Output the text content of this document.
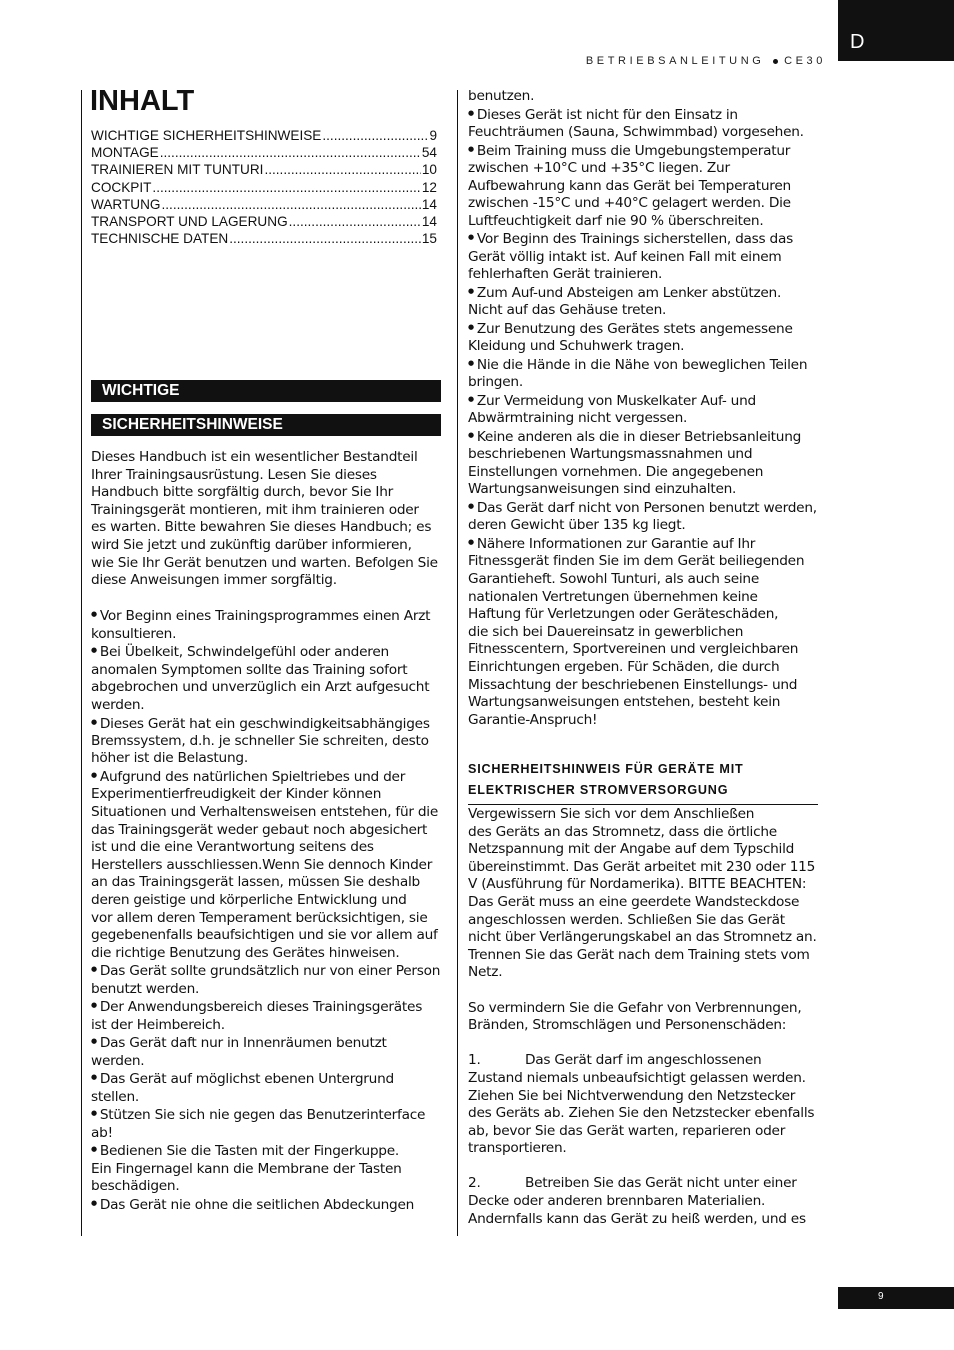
D
BETRIEBSANLEITUNG CE30
INHALT
WICHTIGE SICHERHEITSHINWEISE .....	9
MONTAGE .....	54
TRAINIEREN MIT TUNTURI .....	10
COCKPIT .....	12
WARTUNG .....	14
TRANSPORT UND LAGERUNG .....	14
TECHNISCHE DATEN .....	15
WICHTIGE
SICHERHEITSHINWEISE

Dieses Handbuch ist ein wesentlicher Bestandteil

Ihrer Trainingsausrüstung. Lesen Sie dieses

Handbuch bitte sorgfältig durch, bevor Sie Ihr

Trainingsgerät montieren, mit ihm trainieren oder

es warten. Bitte bewahren Sie dieses Handbuch; es

wird Sie jetzt und zukünftig darüber informieren,

wie Sie Ihr Gerät benutzen und warten. Befolgen Sie

diese Anweisungen immer sorgfältig.

● Vor Beginn eines Trainingsprogrammes einen Arzt

konsultieren.

● Bei Übelkeit, Schwindelgefühl oder anderen

anomalen Symptomen sollte das Training sofort

abgebrochen und unverzüglich ein Arzt aufgesucht

werden.

● Dieses Gerät hat ein geschwindigkeitsabhängiges

Bremssystem, d.h. je schneller Sie schreiten, desto

höher ist die Belastung.

● Aufgrund des natürlichen Spieltriebes und der

Experimentierfreudigkeit der Kinder können

Situationen und Verhaltensweisen entstehen, für die

das Trainingsgerät weder gebaut noch abgesichert

ist und die eine Verantwortung seitens des

Herstellers ausschliessen.Wenn Sie dennoch Kinder

an das Trainingsgerät lassen, müssen Sie deshalb

deren geistige und körperliche Entwicklung und

vor allem deren Temperament berücksichtigen, sie

gegebenenfalls beaufsichtigen und sie vor allem auf

die richtige Benutzung des Gerätes hinweisen.

● Das Gerät sollte grundsätzlich nur von einer Person

benutzt werden.

● Der Anwendungsbereich dieses Trainingsgerätes

ist der Heimbereich.

● Das Gerät daft nur in Innenräumen benutzt

werden.

● Das Gerät auf möglichst ebenen Untergrund

stellen.

● Stützen Sie sich nie gegen das Benutzerinterface

ab!

● Bedienen Sie die Tasten mit der Fingerkuppe.

Ein Fingernagel kann die Membrane der Tasten

beschädigen.

● Das Gerät nie ohne die seitlichen Abdeckungen

benutzen.

● Dieses Gerät ist nicht für den Einsatz in

Feuchträumen (Sauna, Schwimmbad) vorgesehen.

● Beim Training muss die Umgebungstemperatur

zwischen +10°C und +35°C liegen. Zur

Aufbewahrung kann das Gerät bei Temperaturen

zwischen -15°C und +40°C gelagert werden. Die

Luftfeuchtigkeit darf nie 90 % überschreiten.

● Vor Beginn des Trainings sicherstellen, dass das

Gerät völlig intakt ist. Auf keinen Fall mit einem

fehlerhaften Gerät trainieren.

● Zum Auf-und Absteigen am Lenker abstützen.

Nicht auf das Gehäuse treten.

● Zur Benutzung des Gerätes stets angemessene

Kleidung und Schuhwerk tragen.

● Nie die Hände in die Nähe von beweglichen Teilen

bringen.

● Zur Vermeidung von Muskelkater Auf- und

Abwärmtraining nicht vergessen.

● Keine anderen als die in dieser Betriebsanleitung

beschriebenen Wartungsmassnahmen und

Einstellungen vornehmen. Die angegebenen

Wartungsanweisungen sind einzuhalten.

● Das Gerät darf nicht von Personen benutzt werden,

deren Gewicht über 135 kg liegt.

● Nähere Informationen zur Garantie auf Ihr

Fitnessgerät finden Sie im dem Gerät beiliegenden

Garantieheft. Sowohl Tunturi, als auch seine

nationalen Vertretungen übernehmen keine

Haftung für Verletzungen oder Geräteschäden,

die sich bei Dauereinsatz in gewerblichen

Fitnesscentern, Sportvereinen und vergleichbaren

Einrichtungen ergeben. Für Schäden, die durch

Missachtung der beschriebenen Einstellungs- und

Wartungsanweisungen entstehen, besteht kein

Garantie-Anspruch!

SICHERHEITSHINWEIS FÜR GERÄTE MIT
ELEKTRISCHER STROMVERSORGUNG

Vergewissern Sie sich vor dem Anschließen

des Geräts an das Stromnetz, dass die örtliche

Netzspannung mit der Angabe auf dem Typschild

übereinstimmt. Das Gerät arbeitet mit 230 oder 115

V (Ausführung für Nordamerika). BITTE BEACHTEN:

Das Gerät muss an eine geerdete Wandsteckdose

angeschlossen werden. Schließen Sie das Gerät

nicht über Verlängerungskabel an das Stromnetz an.

Trennen Sie das Gerät nach dem Training stets vom

Netz.

So vermindern Sie die Gefahr von Verbrennungen,

Bränden, Stromschlägen und Personenschäden:

1.	Das Gerät darf im angeschlossenen

Zustand niemals unbeaufsichtigt gelassen werden.

Ziehen Sie bei Nichtverwendung den Netzstecker

des Geräts ab. Ziehen Sie den Netzstecker ebenfalls

ab, bevor Sie das Gerät warten, reparieren oder

transportieren.

2.	Betreiben Sie das Gerät nicht unter einer

Decke oder anderen brennbaren Materialien.

Andernfalls kann das Gerät zu heiß werden, und es

9
